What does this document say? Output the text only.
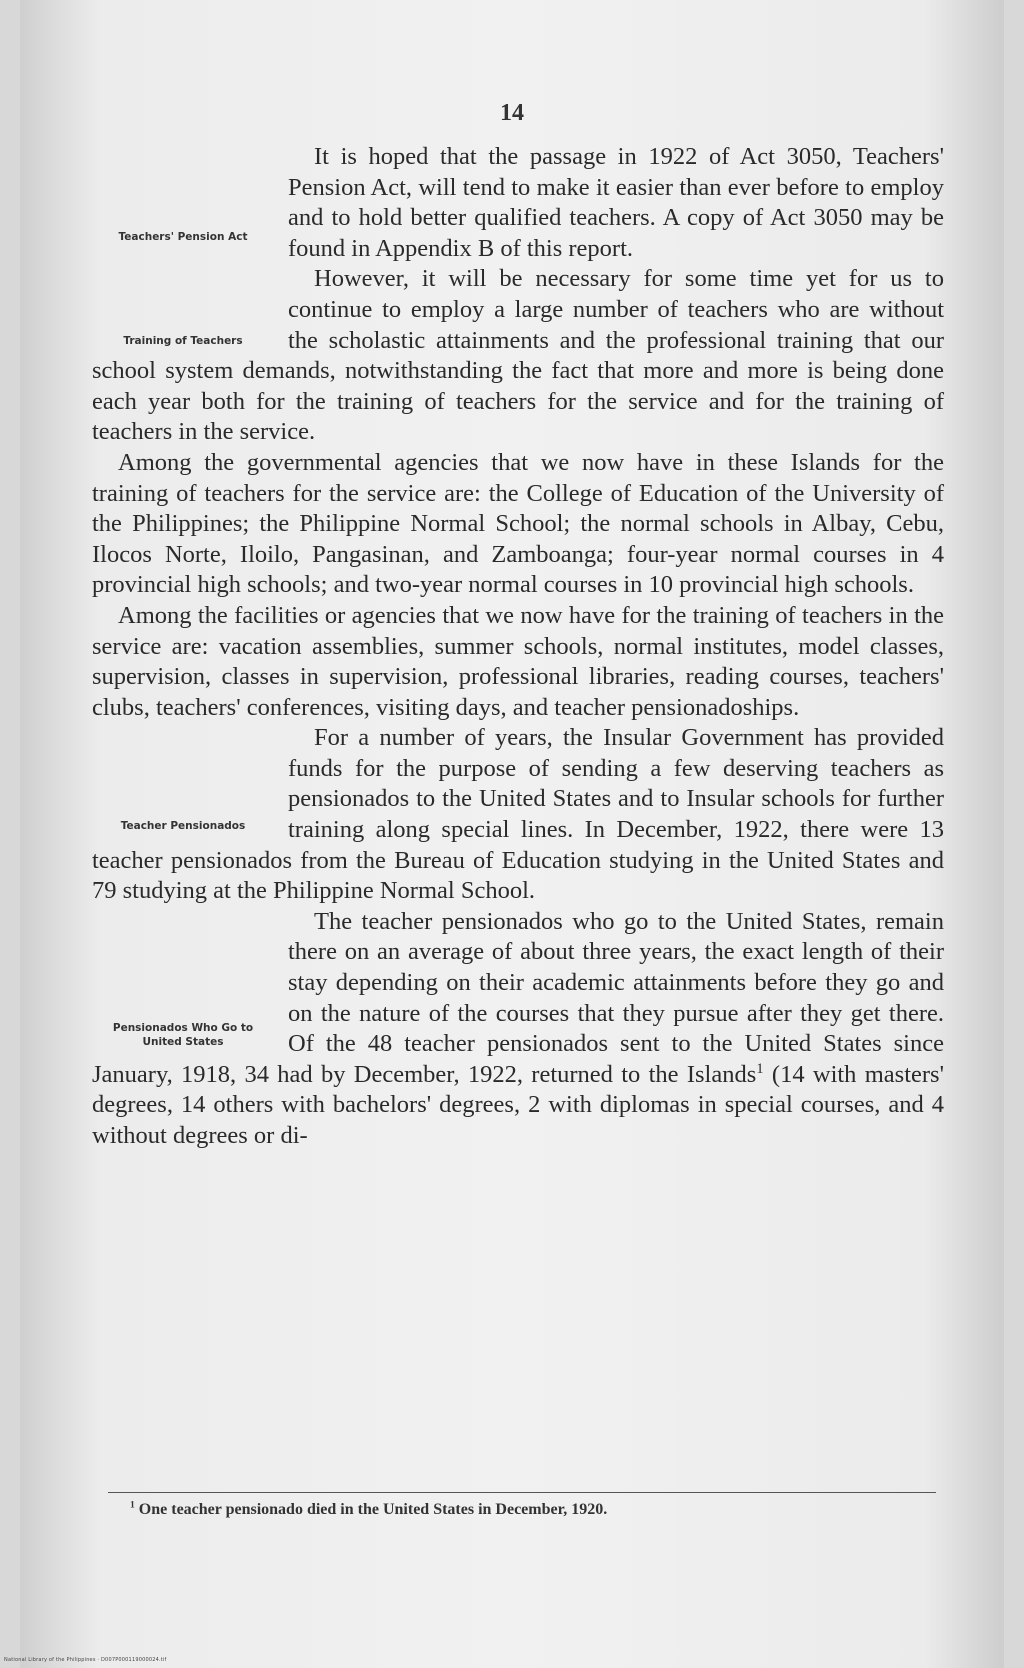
14
Teachers' Pension Act

It is hoped that the passage in 1922 of Act 3050, Teachers' Pension Act, will tend to make it easier than ever before to employ and to hold better qualified teachers. A copy of Act 3050 may be found in Appendix B of this report.

Training of Teachers

However, it will be necessary for some time yet for us to continue to employ a large number of teachers who are without the scholastic attainments and the professional training that our school system demands, notwithstanding the fact that more and more is being done each year both for the training of teachers for the service and for the training of teachers in the service.

Among the governmental agencies that we now have in these Islands for the training of teachers for the service are: the College of Education of the University of the Philippines; the Philippine Normal School; the normal schools in Albay, Cebu, Ilocos Norte, Iloilo, Pangasinan, and Zamboanga; four-year normal courses in 4 provincial high schools; and two-year normal courses in 10 provincial high schools.

Among the facilities or agencies that we now have for the training of teachers in the service are: vacation assemblies, summer schools, normal institutes, model classes, supervision, classes in supervision, professional libraries, reading courses, teachers' clubs, teachers' conferences, visiting days, and teacher pensionadoships.

Teacher Pensionados

For a number of years, the Insular Government has provided funds for the purpose of sending a few deserving teachers as pensionados to the United States and to Insular schools for further training along special lines. In December, 1922, there were 13 teacher pensionados from the Bureau of Education studying in the United States and 79 studying at the Philippine Normal School.

Pensionados Who Go to United States

The teacher pensionados who go to the United States, remain there on an average of about three years, the exact length of their stay depending on their academic attainments before they go and on the nature of the courses that they pursue after they get there. Of the 48 teacher pensionados sent to the United States since January, 1918, 34 had by December, 1922, returned to the Islands$^1$ (14 with masters' degrees, 14 others with bachelors' degrees, 2 with diplomas in special courses, and 4 without degrees or di-

$^1$ One teacher pensionado died in the United States in December, 1920.
National Library of the Philippines · D007P000119000024.tif
